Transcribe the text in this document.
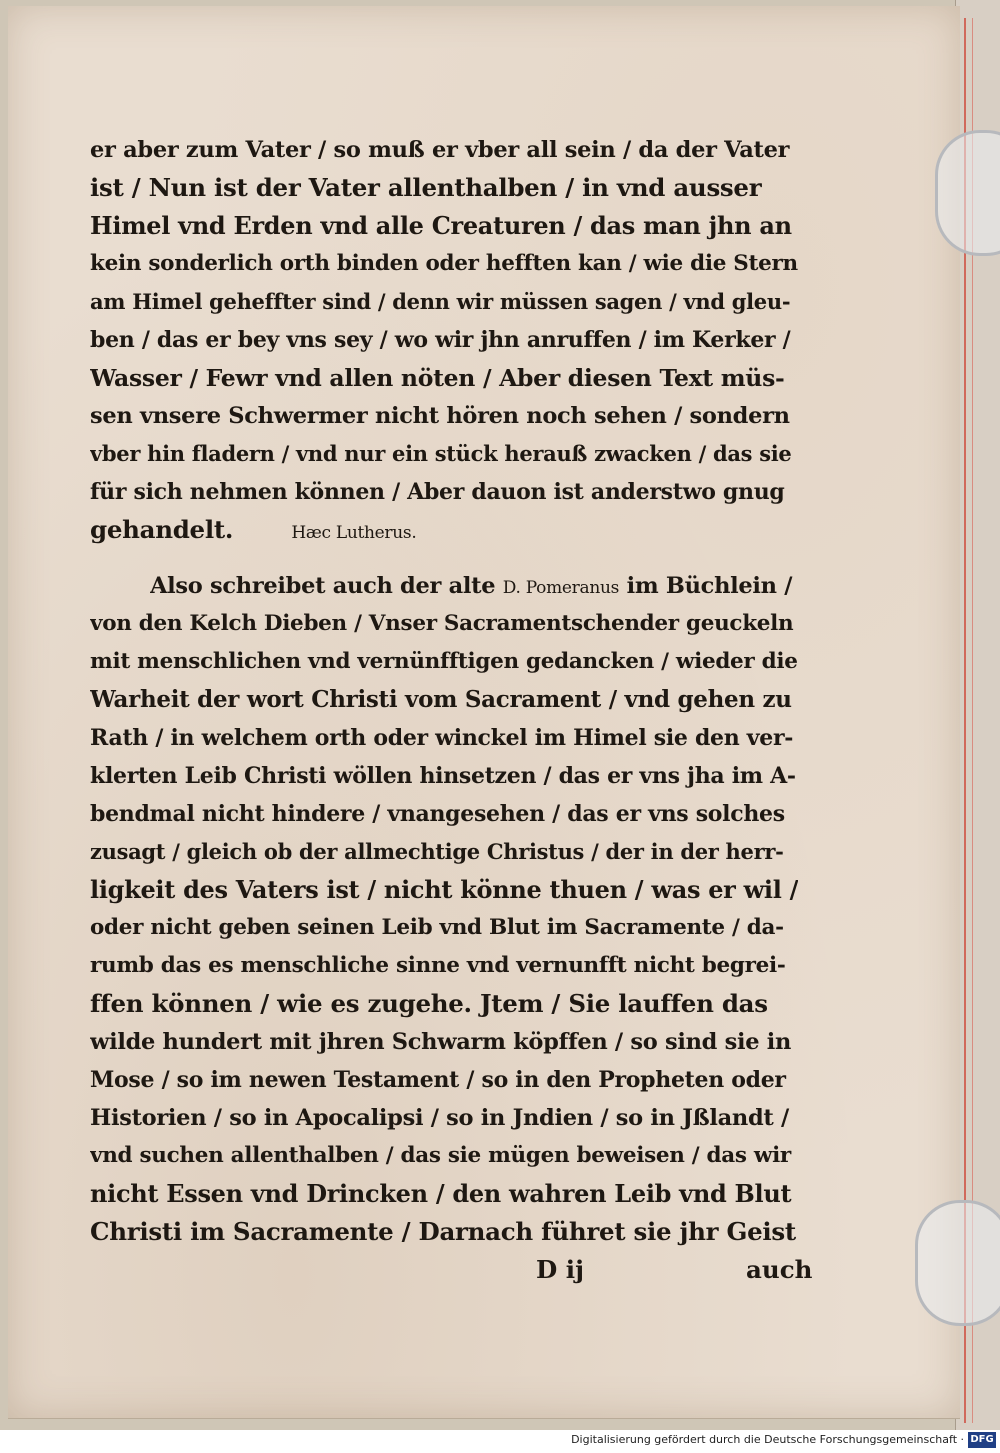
er aber zum Vater / so muß er vber all sein / da der Vater
ist / Nun ist der Vater allenthalben / in vnd ausser
Himel vnd Erden vnd alle Creaturen / das man jhn an
kein sonderlich orth binden oder hefften kan / wie die Stern
am Himel geheffter sind / denn wir müssen sagen / vnd gleu-
ben / das er bey vns sey / wo wir jhn anruffen / im Kerker /
Wasser / Fewr vnd allen nöten / Aber diesen Text müs-
sen vnsere Schwermer nicht hören noch sehen / sondern
vber hin fladern / vnd nur ein stück herauß zwacken / das sie
für sich nehmen können / Aber dauon ist anderstwo gnug
gehandelt.	Hæc Lutherus.
Also schreibet auch der alte D. Pomeranus im Büchlein /
von den Kelch Dieben / Vnser Sacramentschender geuckeln
mit menschlichen vnd vernünfftigen gedancken / wieder die
Warheit der wort Christi vom Sacrament / vnd gehen zu
Rath / in welchem orth oder winckel im Himel sie den ver-
klerten Leib Christi wöllen hinsetzen / das er vns jha im A-
bendmal nicht hindere / vnangesehen / das er vns solches
zusagt / gleich ob der allmechtige Christus / der in der herr-
ligkeit des Vaters ist / nicht könne thuen / was er wil /
oder nicht geben seinen Leib vnd Blut im Sacramente / da-
rumb das es menschliche sinne vnd vernunfft nicht begrei-
ffen können / wie es zugehe. Jtem / Sie lauffen das
wilde hundert mit jhren Schwarm köpffen / so sind sie in
Mose / so im newen Testament / so in den Propheten oder
Historien / so in Apocalipsi / so in Jndien / so in Jßlandt /
vnd suchen allenthalben / das sie mügen beweisen / das wir
nicht Essen vnd Drincken / den wahren Leib vnd Blut
Christi im Sacramente / Darnach führet sie jhr Geist
D ij	auch
Digitalisierung gefördert durch die Deutsche Forschungsgemeinschaft · DFG
